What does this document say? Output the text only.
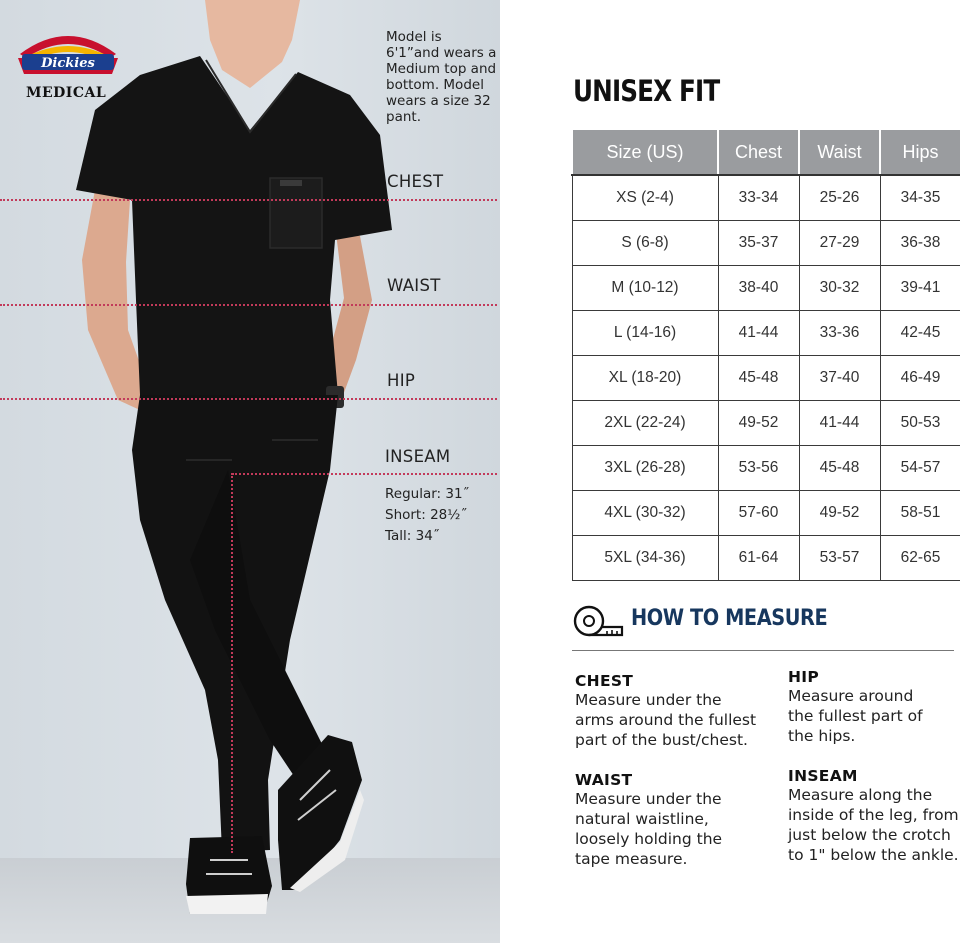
Dickies
MEDICAL
Model is 6'1”and wears a Medium top and bottom. Model wears a size 32 pant.
CHEST
WAIST
HIP
INSEAM
Regular: 31˝
Short: 28½˝
Tall: 34˝
UNISEX FIT
Size (US)	Chest	Waist	Hips
XS (2-4)	33-34	25-26	34-35
S (6-8)	35-37	27-29	36-38
M (10-12)	38-40	30-32	39-41
L (14-16)	41-44	33-36	42-45
XL (18-20)	45-48	37-40	46-49
2XL (22-24)	49-52	41-44	50-53
3XL (26-28)	53-56	45-48	54-57
4XL (30-32)	57-60	49-52	58-51
5XL (34-36)	61-64	53-57	62-65
HOW TO MEASURE
CHEST
Measure under the
arms around the fullest
part of the bust/chest.
HIP
Measure around
the fullest part of
the hips.
WAIST
Measure under the
natural waistline,
loosely holding the
tape measure.
INSEAM
Measure along the
inside of the leg, from
just below the crotch
to 1" below the ankle.
